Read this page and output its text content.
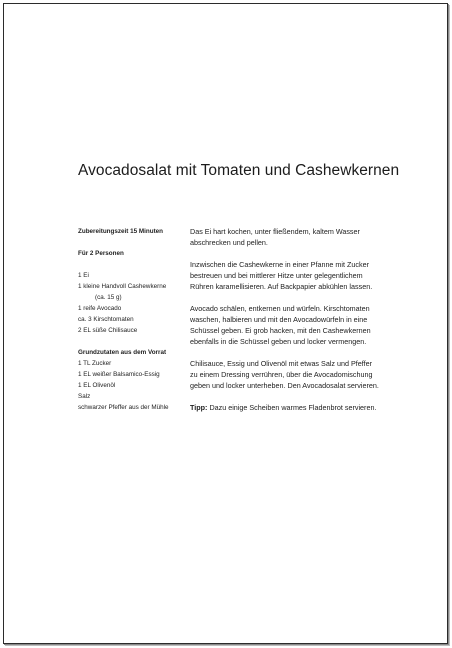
Avocadosalat mit Tomaten und Cashewkernen
Zubereitungszeit 15 Minuten
Für 2 Personen
1 Ei
1 kleine Handvoll Cashewkerne
(ca. 15 g)
1 reife Avocado
ca. 3 Kirschtomaten
2 EL süße Chilisauce
Grundzutaten aus dem Vorrat
1 TL Zucker
1 EL weißer Balsamico-Essig
1 EL Olivenöl
Salz
schwarzer Pfeffer aus der Mühle

Das Ei hart kochen, unter fließendem, kaltem Wasser
abschrecken und pellen.

Inzwischen die Cashewkerne in einer Pfanne mit Zucker
bestreuen und bei mittlerer Hitze unter gelegentlichem
Rühren karamellisieren. Auf Backpapier abkühlen lassen.

Avocado schälen, entkernen und würfeln. Kirschtomaten
waschen, halbieren und mit den Avocadowürfeln in eine
Schüssel geben. Ei grob hacken, mit den Cashewkernen
ebenfalls in die Schüssel geben und locker vermengen.

Chilisauce, Essig und Olivenöl mit etwas Salz und Pfeffer
zu einem Dressing verrühren, über die Avocadomischung
geben und locker unterheben. Den Avocadosalat servieren.

Tipp: Dazu einige Scheiben warmes Fladenbrot servieren.
